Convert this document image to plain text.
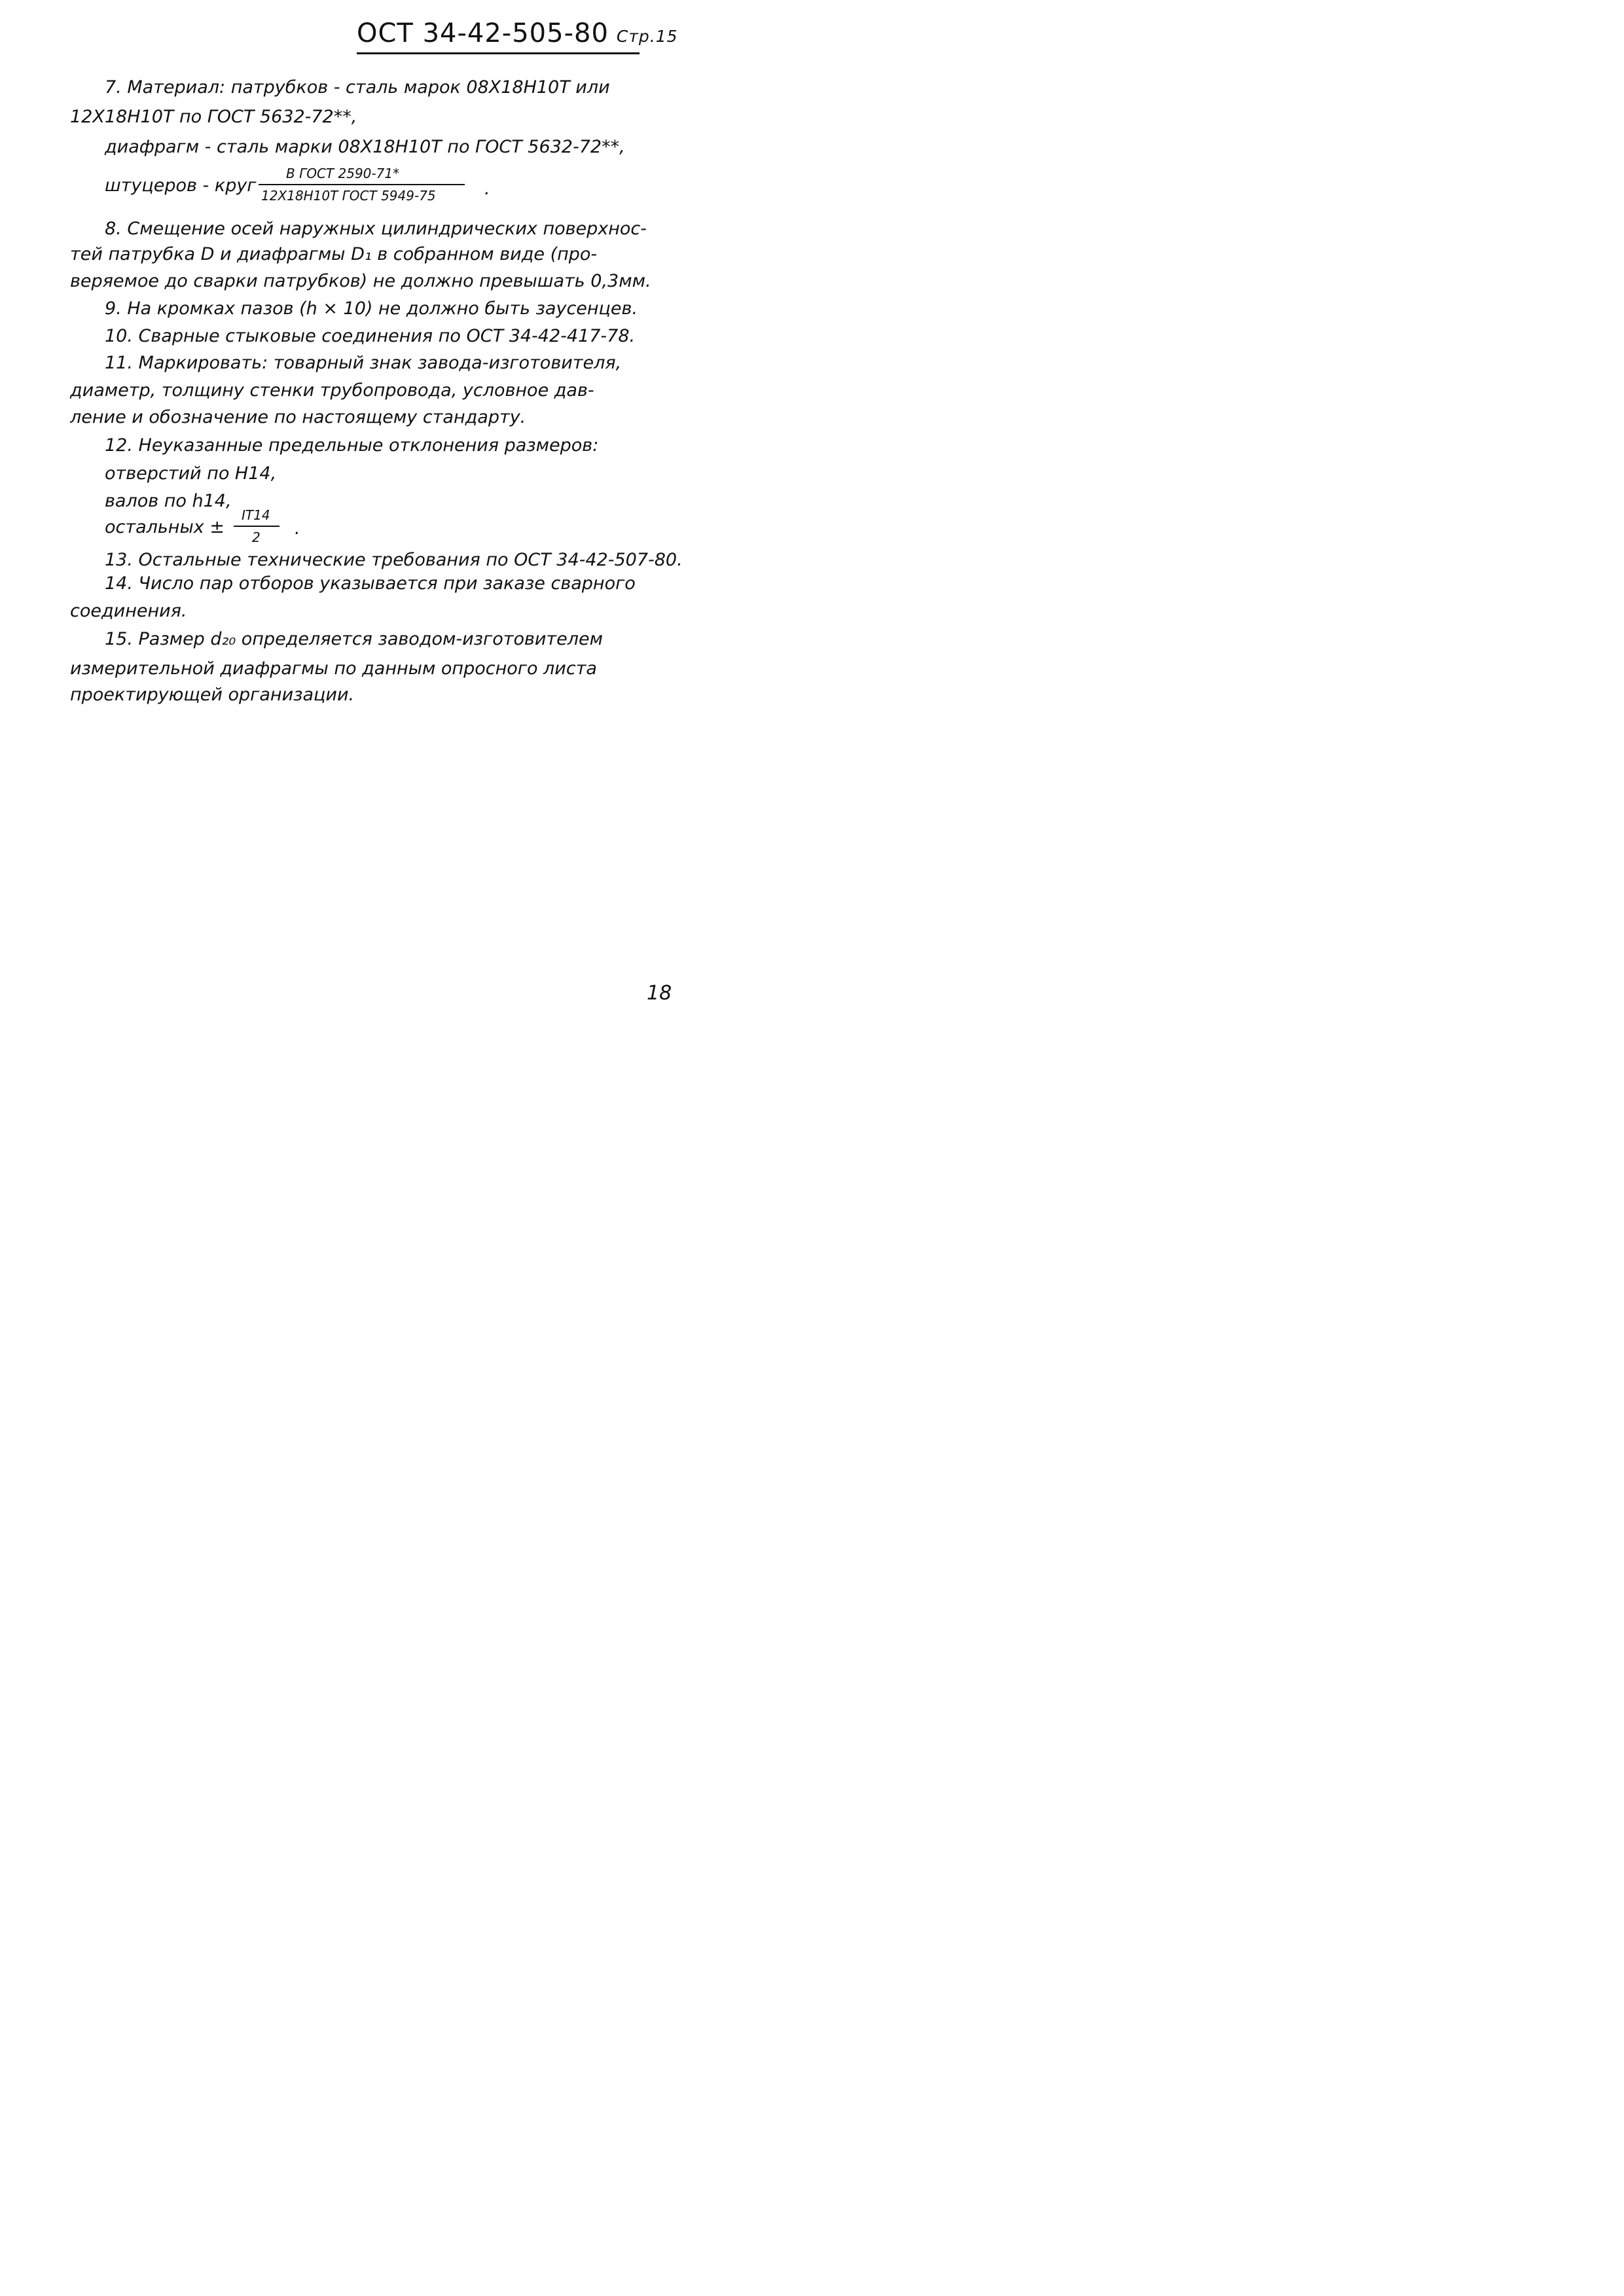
ОСТ 34-42-505-80 Стр.15
7. Материал: патрубков - сталь марок 08Х18Н10Т или
12Х18Н10Т по ГОСТ 5632-72**,
диафрагм - сталь марки 08Х18Н10Т по ГОСТ 5632-72**,
штуцеров - круг
В ГОСТ 2590-71*
12Х18Н10Т ГОСТ 5949-75	.
8. Смещение осей наружных цилиндрических поверхнос-
тей патрубка D и диафрагмы D₁ в собранном виде (про-
веряемое до сварки патрубков) не должно превышать 0,3мм.
9. На кромках пазов (h × 10) не должно быть заусенцев.
10. Сварные стыковые соединения по ОСТ 34-42-417-78.
11. Маркировать: товарный знак завода-изготовителя,
диаметр, толщину стенки трубопровода, условное дав-
ление и обозначение по настоящему стандарту.
12. Неуказанные предельные отклонения размеров:
отверстий по Н14,
валов по h14,
остальных ±
IT14
2 .
13. Остальные технические требования по ОСТ 34-42-507-80.
14. Число пар отборов указывается при заказе сварного
соединения.
15. Размер d₂₀ определяется заводом-изготовителем
измерительной диафрагмы по данным опросного листа
проектирующей организации.
18
